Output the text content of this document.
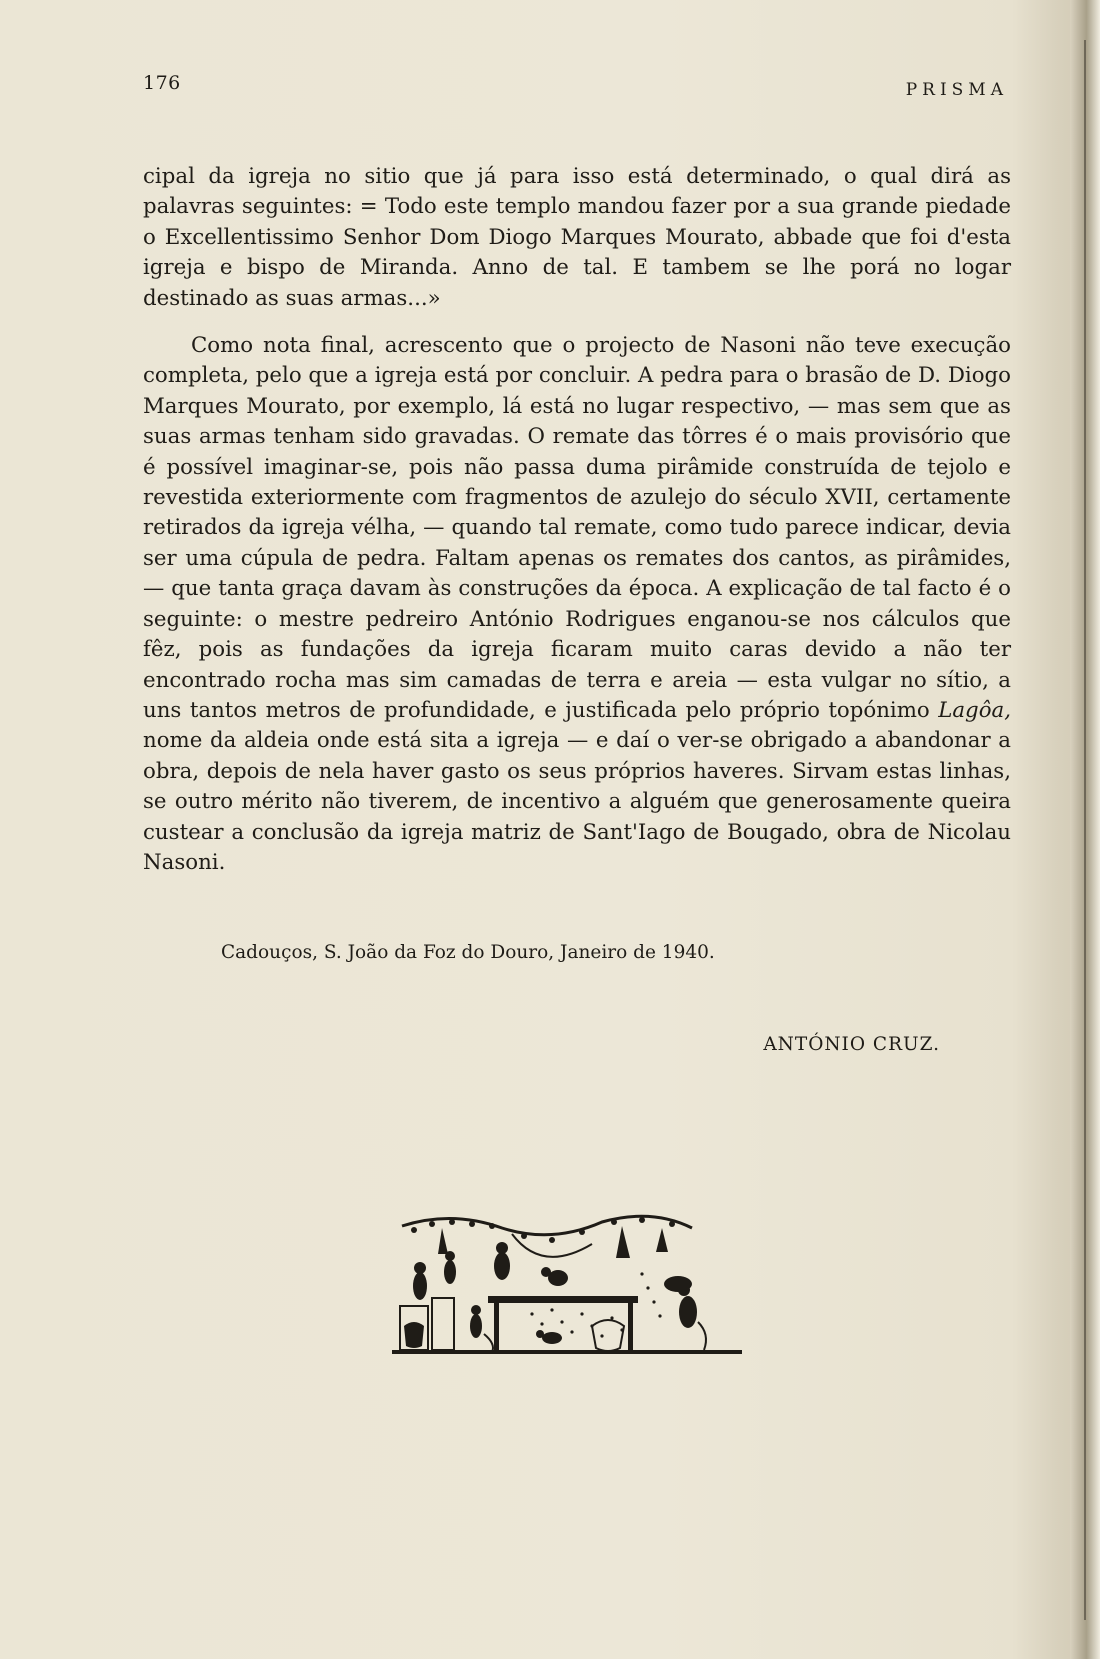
176	PRISMA

cipal da igreja no sitio que já para isso está determinado, o qual dirá as palavras seguintes: = Todo este templo mandou fazer por a sua grande piedade o Excellentissimo Senhor Dom Diogo Marques Mourato, abbade que foi d'esta igreja e bispo de Miranda. Anno de tal. E tambem se lhe porá no logar destinado as suas armas...»

Como nota final, acrescento que o projecto de Nasoni não teve execução completa, pelo que a igreja está por concluir. A pedra para o brasão de D. Diogo Marques Mourato, por exemplo, lá está no lugar respectivo, — mas sem que as suas armas tenham sido gravadas. O remate das tôrres é o mais provisório que é possível imaginar-se, pois não passa duma pirâmide construída de tejolo e revestida exteriormente com fragmentos de azulejo do século XVII, certamente retirados da igreja vélha, — quando tal remate, como tudo parece indicar, devia ser uma cúpula de pedra. Faltam apenas os remates dos cantos, as pirâmides, — que tanta graça davam às construções da época. A explicação de tal facto é o seguinte: o mestre pedreiro António Rodrigues enganou-se nos cálculos que fêz, pois as fundações da igreja ficaram muito caras devido a não ter encontrado rocha mas sim camadas de terra e areia — esta vulgar no sítio, a uns tantos metros de profundidade, e justificada pelo próprio topónimo Lagôa, nome da aldeia onde está sita a igreja — e daí o ver-se obrigado a abandonar a obra, depois de nela haver gasto os seus próprios haveres. Sirvam estas linhas, se outro mérito não tiverem, de incentivo a alguém que generosamente queira custear a conclusão da igreja matriz de Sant'Iago de Bougado, obra de Nicolau Nasoni.

Cadouços, S. João da Foz do Douro, Janeiro de 1940.
ANTÓNIO CRUZ.
